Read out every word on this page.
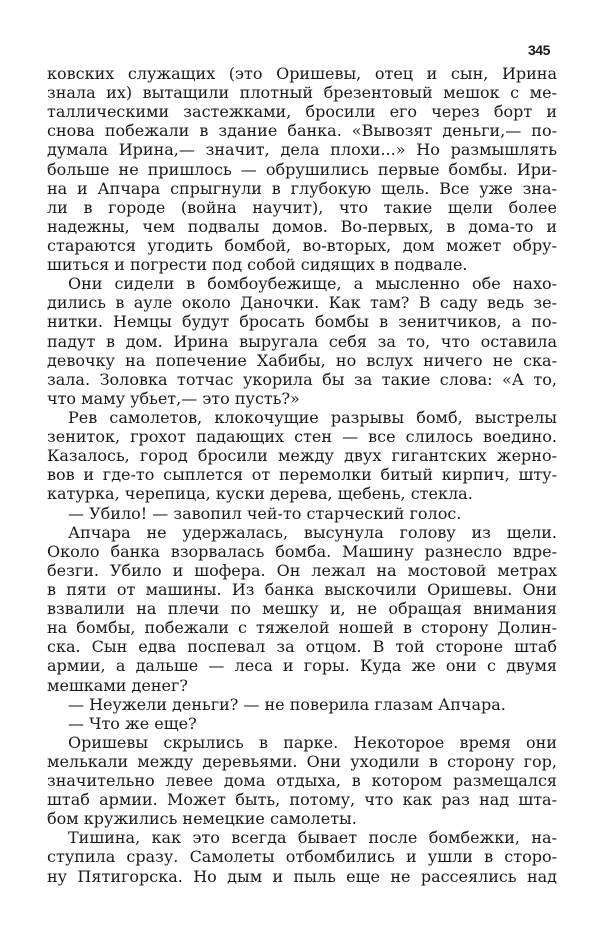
345
ковских служащих (это Оришевы, отец и сын, Ирина
знала их) вытащили плотный брезентовый мешок с ме-
таллическими застежками, бросили его через борт и
снова побежали в здание банка. «Вывозят деньги,— по-
думала Ирина,— значит, дела плохи...» Но размышлять
больше не пришлось — обрушились первые бомбы. Ири-
на и Апчара спрыгнули в глубокую щель. Все уже зна-
ли в городе (война научит), что такие щели более
надежны, чем подвалы домов. Во-первых, в дома-то и
стараются угодить бомбой, во-вторых, дом может обру-
шиться и погрести под собой сидящих в подвале.
Они сидели в бомбоубежище, а мысленно обе нахо-
дились в ауле около Даночки. Как там? В саду ведь зе-
нитки. Немцы будут бросать бомбы в зенитчиков, а по-
падут в дом. Ирина выругала себя за то, что оставила
девочку на попечение Хабибы, но вслух ничего не ска-
зала. Золовка тотчас укорила бы за такие слова: «А то,
что маму убьет,— это пусть?»
Рев самолетов, клокочущие разрывы бомб, выстрелы
зениток, грохот падающих стен — все слилось воедино.
Казалось, город бросили между двух гигантских жерно-
вов и где-то сыплется от перемолки битый кирпич, шту-
катурка, черепица, куски дерева, щебень, стекла.
— Убило! — завопил чей-то старческий голос.
Апчара не удержалась, высунула голову из щели.
Около банка взорвалась бомба. Машину разнесло вдре-
безги. Убило и шофера. Он лежал на мостовой метрах
в пяти от машины. Из банка выскочили Оришевы. Они
взвалили на плечи по мешку и, не обращая внимания
на бомбы, побежали с тяжелой ношей в сторону Долин-
ска. Сын едва поспевал за отцом. В той стороне штаб
армии, а дальше — леса и горы. Куда же они с двумя
мешками денег?
— Неужели деньги? — не поверила глазам Апчара.
— Что же еще?
Оришевы скрылись в парке. Некоторое время они
мелькали между деревьями. Они уходили в сторону гор,
значительно левее дома отдыха, в котором размещался
штаб армии. Может быть, потому, что как раз над шта-
бом кружились немецкие самолеты.
Тишина, как это всегда бывает после бомбежки, на-
ступила сразу. Самолеты отбомбились и ушли в сторо-
ну Пятигорска. Но дым и пыль еще не рассеялись над
